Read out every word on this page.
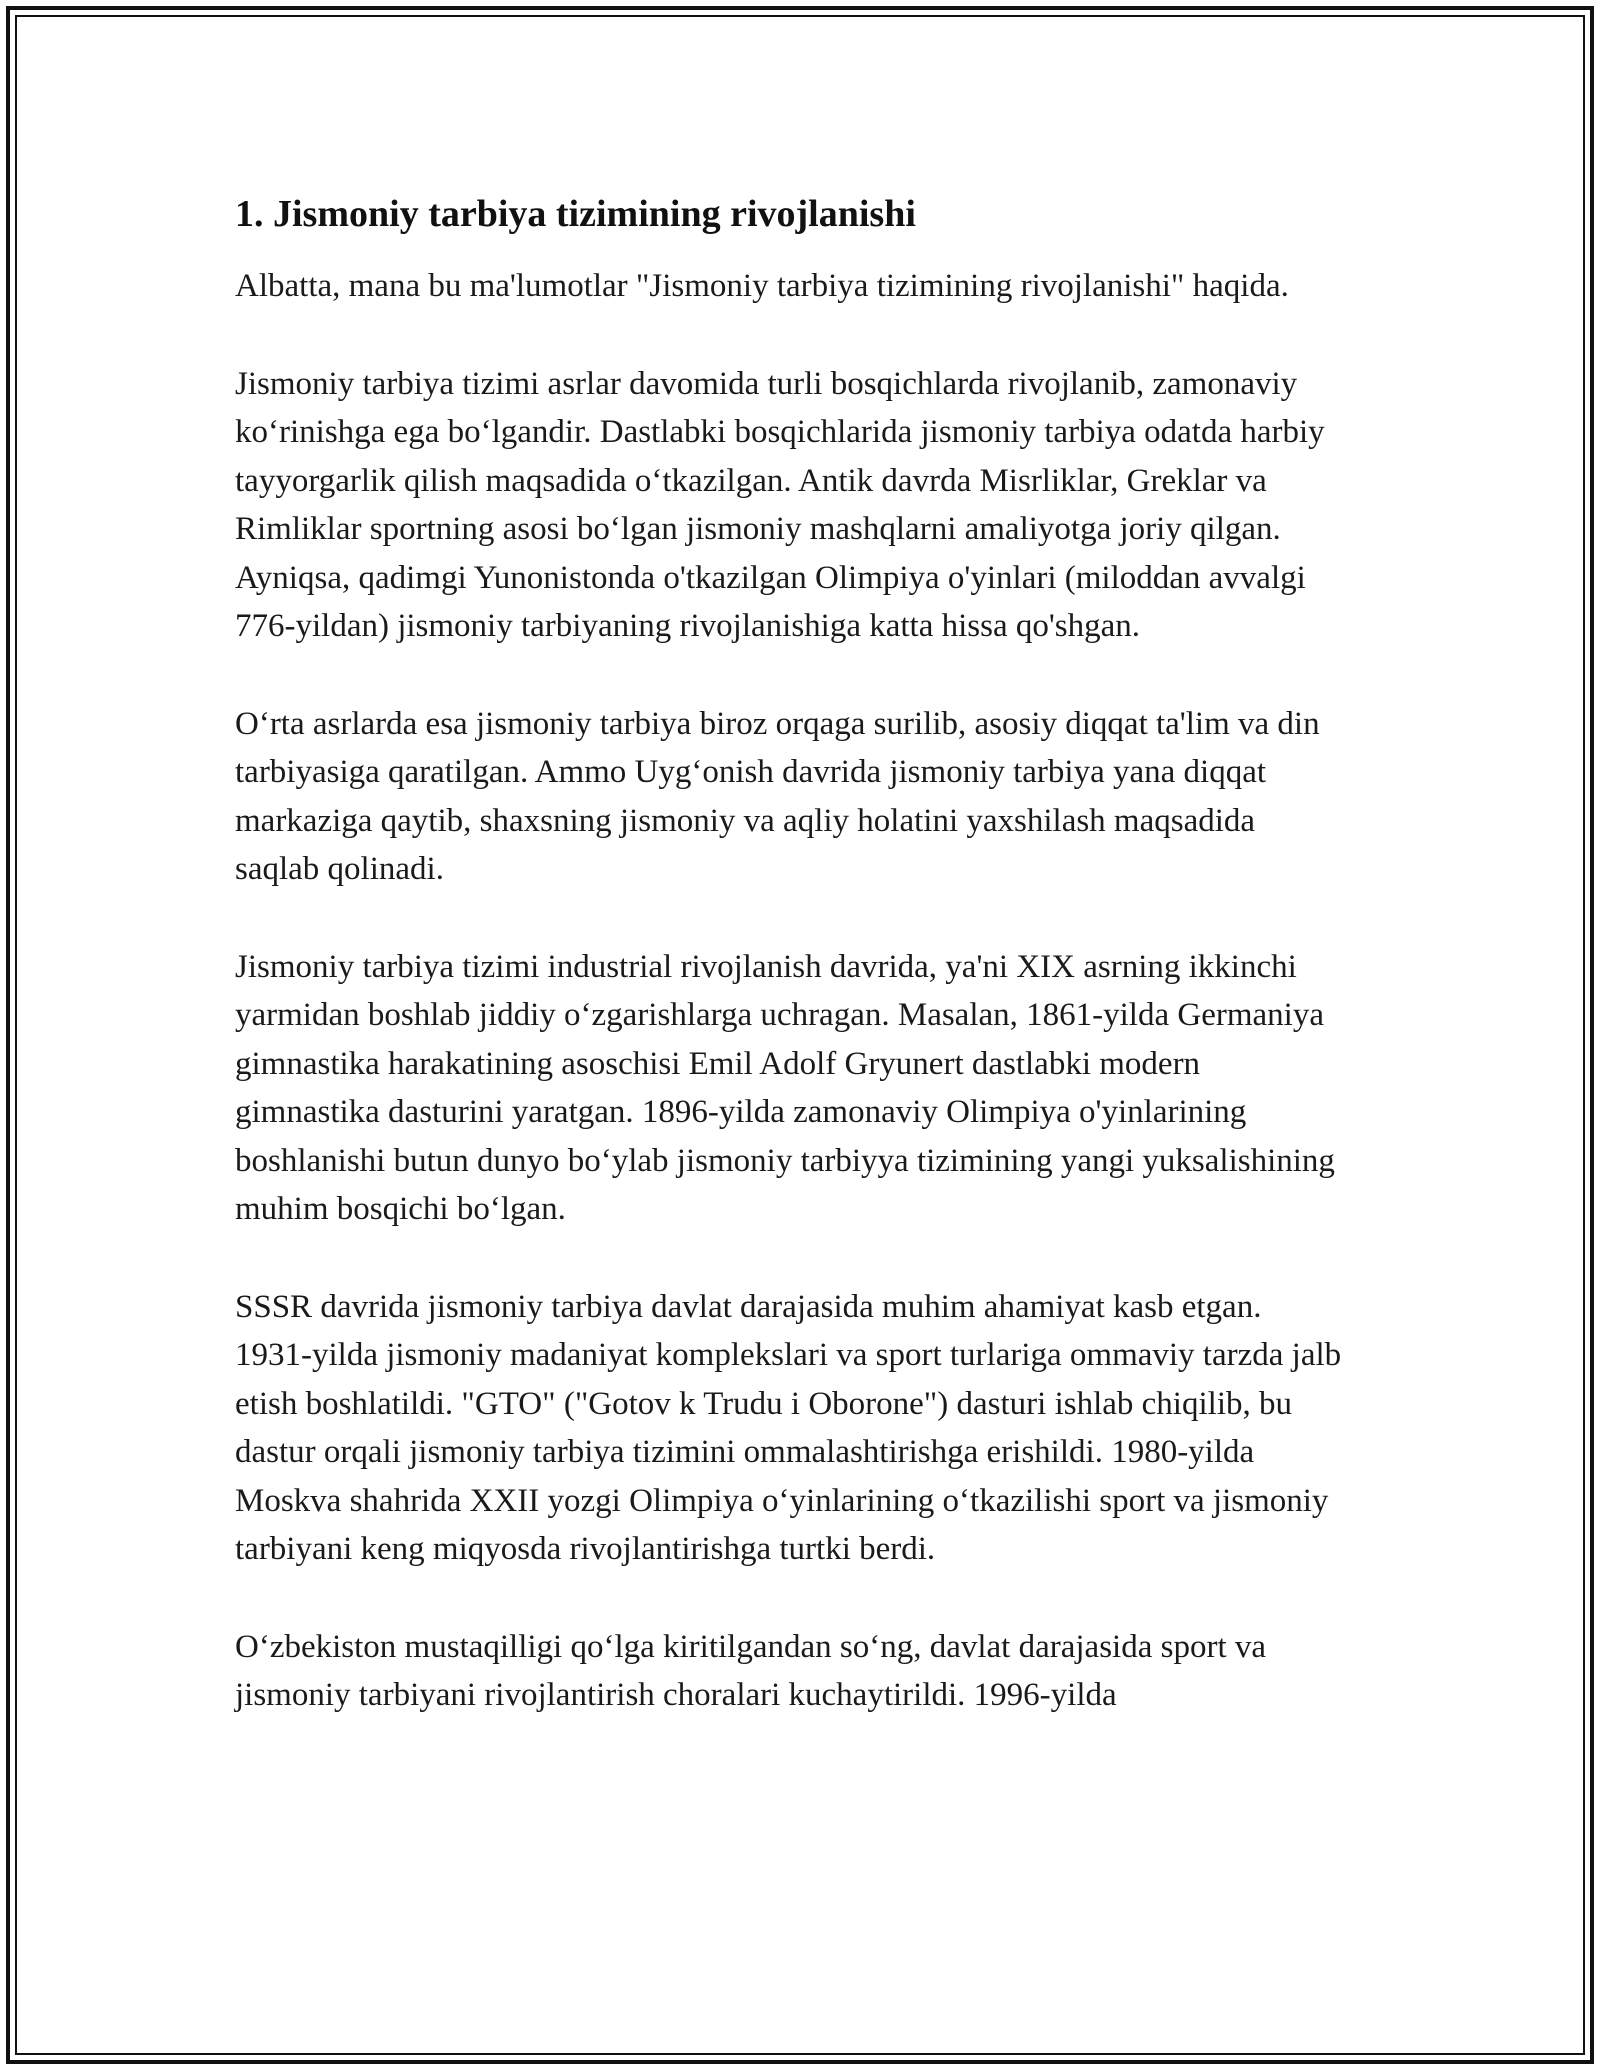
1. Jismoniy tarbiya tizimining rivojlanishi

Albatta, mana bu ma'lumotlar "Jismoniy tarbiya tizimining rivojlanishi" haqida.

Jismoniy tarbiya tizimi asrlar davomida turli bosqichlarda rivojlanib, zamonaviy ko‘rinishga ega bo‘lgandir. Dastlabki bosqichlarida jismoniy tarbiya odatda harbiy tayyorgarlik qilish maqsadida o‘tkazilgan. Antik davrda Misrliklar, Greklar va Rimliklar sportning asosi bo‘lgan jismoniy mashqlarni amaliyotga joriy qilgan. Ayniqsa, qadimgi Yunonistonda o'tkazilgan Olimpiya o'yinlari (miloddan avvalgi 776-yildan) jismoniy tarbiyaning rivojlanishiga katta hissa qo'shgan.

O‘rta asrlarda esa jismoniy tarbiya biroz orqaga surilib, asosiy diqqat ta'lim va din tarbiyasiga qaratilgan. Ammo Uyg‘onish davrida jismoniy tarbiya yana diqqat markaziga qaytib, shaxsning jismoniy va aqliy holatini yaxshilash maqsadida saqlab qolinadi.

Jismoniy tarbiya tizimi industrial rivojlanish davrida, ya'ni XIX asrning ikkinchi yarmidan boshlab jiddiy o‘zgarishlarga uchragan. Masalan, 1861-yilda Germaniya gimnastika harakatining asoschisi Emil Adolf Gryunert dastlabki modern gimnastika dasturini yaratgan. 1896-yilda zamonaviy Olimpiya o'yinlarining boshlanishi butun dunyo bo‘ylab jismoniy tarbiyya tizimining yangi yuksalishining muhim bosqichi bo‘lgan.

SSSR davrida jismoniy tarbiya davlat darajasida muhim ahamiyat kasb etgan. 1931-yilda jismoniy madaniyat komplekslari va sport turlariga ommaviy tarzda jalb etish boshlatildi. "GTO" ("Gotov k Trudu i Oborone") dasturi ishlab chiqilib, bu dastur orqali jismoniy tarbiya tizimini ommalashtirishga erishildi. 1980-yilda Moskva shahrida XXII yozgi Olimpiya o‘yinlarining o‘tkazilishi sport va jismoniy tarbiyani keng miqyosda rivojlantirishga turtki berdi.

O‘zbekiston mustaqilligi qo‘lga kiritilgandan so‘ng, davlat darajasida sport va jismoniy tarbiyani rivojlantirish choralari kuchaytirildi. 1996-yilda
